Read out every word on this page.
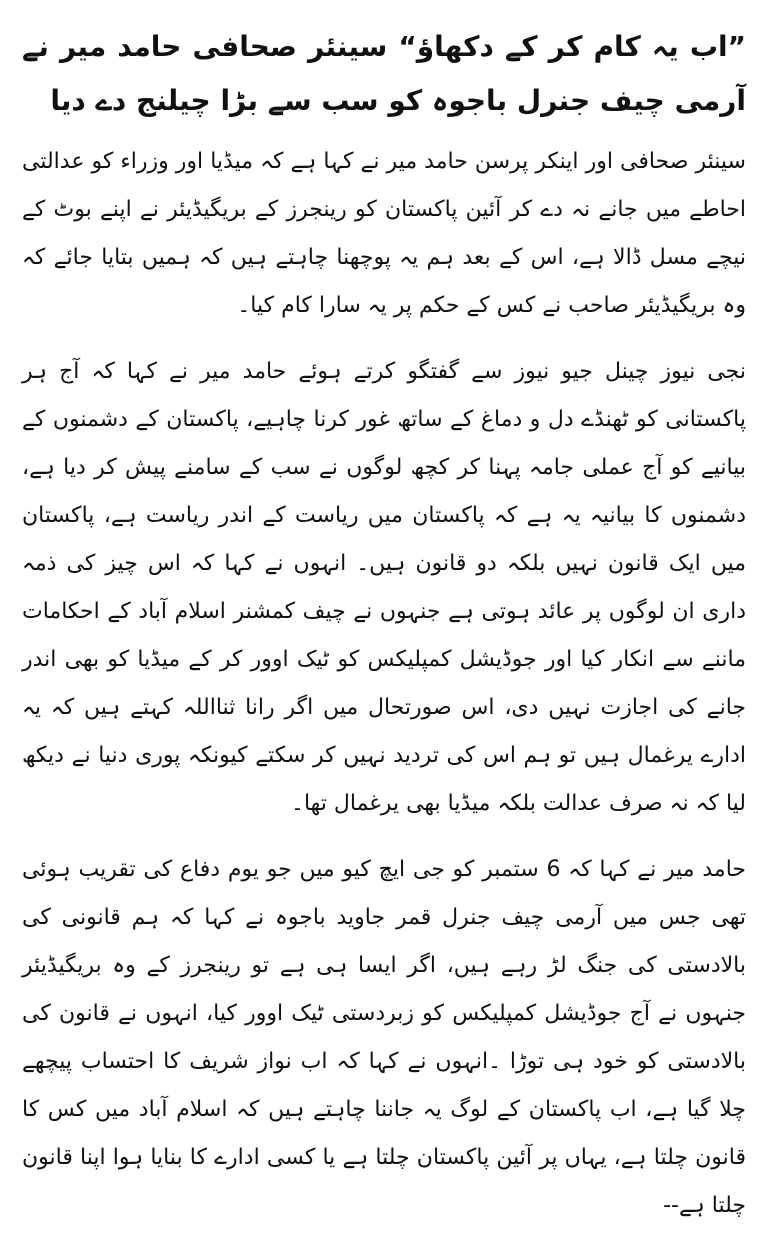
”اب یہ کام کر کے دکھاؤ“ سینئر صحافی حامد میر نے آرمی چیف جنرل باجوہ کو سب سے بڑا چیلنج دے دیا

سینئر صحافی اور اینکر پرسن حامد میر نے کہا ہے کہ میڈیا اور وزراء کو عدالتی احاطے میں جانے نہ دے کر آئین پاکستان کو رینجرز کے بریگیڈیئر نے اپنے بوٹ کے نیچے مسل ڈالا ہے، اس کے بعد ہم یہ پوچھنا چاہتے ہیں کہ ہمیں بتایا جائے کہ وہ بریگیڈیئر صاحب نے کس کے حکم پر یہ سارا کام کیا۔

نجی نیوز چینل جیو نیوز سے گفتگو کرتے ہوئے حامد میر نے کہا کہ آج ہر پاکستانی کو ٹھنڈے دل و دماغ کے ساتھ غور کرنا چاہیے، پاکستان کے دشمنوں کے بیانیے کو آج عملی جامہ پہنا کر کچھ لوگوں نے سب کے سامنے پیش کر دیا ہے، دشمنوں کا بیانیہ یہ ہے کہ پاکستان میں ریاست کے اندر ریاست ہے، پاکستان میں ایک قانون نہیں بلکہ دو قانون ہیں۔ انہوں نے کہا کہ اس چیز کی ذمہ داری ان لوگوں پر عائد ہوتی ہے جنہوں نے چیف کمشنر اسلام آباد کے احکامات ماننے سے انکار کیا اور جوڈیشل کمپلیکس کو ٹیک اوور کر کے میڈیا کو بھی اندر جانے کی اجازت نہیں دی، اس صورتحال میں اگر رانا ثنااللہ کہتے ہیں کہ یہ ادارے یرغمال ہیں تو ہم اس کی تردید نہیں کر سکتے کیونکہ پوری دنیا نے دیکھ لیا کہ نہ صرف عدالت بلکہ میڈیا بھی یرغمال تھا۔

حامد میر نے کہا کہ 6 ستمبر کو جی ایچ کیو میں جو یوم دفاع کی تقریب ہوئی تھی جس میں آرمی چیف جنرل قمر جاوید باجوہ نے کہا کہ ہم قانونی کی بالادستی کی جنگ لڑ رہے ہیں، اگر ایسا ہی ہے تو رینجرز کے وہ بریگیڈیئر جنہوں نے آج جوڈیشل کمپلیکس کو زبردستی ٹیک اوور کیا، انہوں نے قانون کی بالادستی کو خود ہی توڑا ۔انہوں نے کہا کہ اب نواز شریف کا احتساب پیچھے چلا گیا ہے، اب پاکستان کے لوگ یہ جاننا چاہتے ہیں کہ اسلام آباد میں کس کا قانون چلتا ہے، یہاں پر آئین پاکستان چلتا ہے یا کسی ادارے کا بنایا ہوا اپنا قانون چلتا ہے--
